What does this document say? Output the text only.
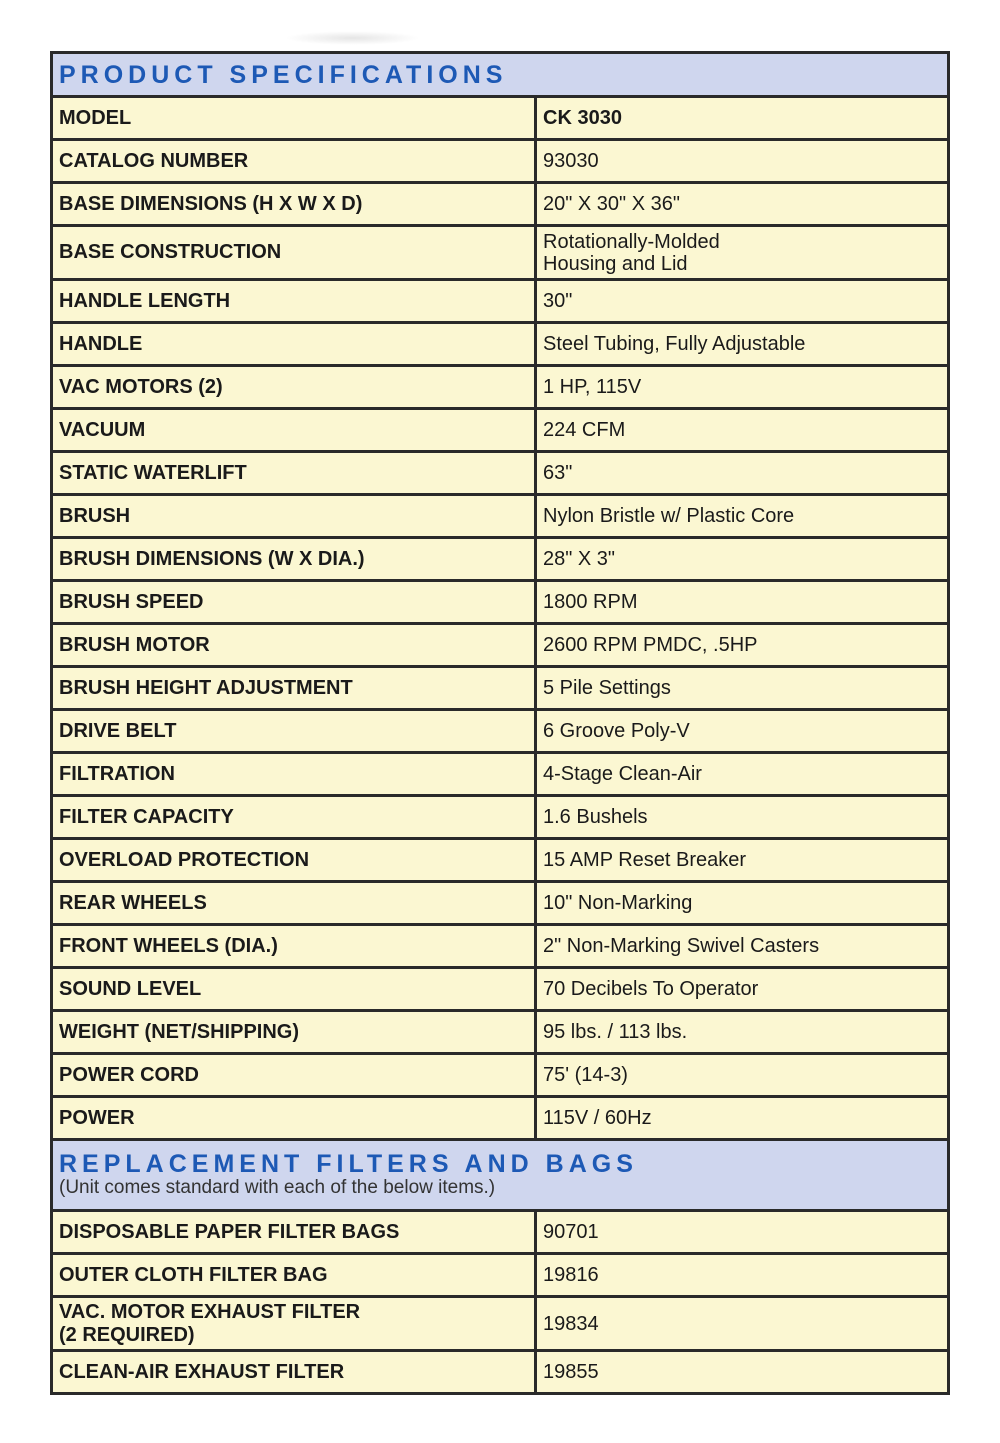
PRODUCT SPECIFICATIONS	

MODEL	CK 3030
CATALOG NUMBER	93030
BASE DIMENSIONS (H X W X D)	20" X 30" X 36"
BASE CONSTRUCTION	Rotationally-Molded
Housing and Lid

HANDLE LENGTH	30"
HANDLE	Steel Tubing, Fully Adjustable
VAC MOTORS (2)	1 HP, 115V
VACUUM	224 CFM
STATIC WATERLIFT	63"
BRUSH	Nylon Bristle w/ Plastic Core
BRUSH DIMENSIONS (W X DIA.)	28" X 3"
BRUSH SPEED	1800 RPM
BRUSH MOTOR	2600 RPM PMDC, .5HP
BRUSH HEIGHT ADJUSTMENT	5 Pile Settings
DRIVE BELT	6 Groove Poly-V
FILTRATION	4-Stage Clean-Air
FILTER CAPACITY	1.6 Bushels
OVERLOAD PROTECTION	15 AMP Reset Breaker
REAR WHEELS	10" Non-Marking
FRONT WHEELS (DIA.)	2" Non-Marking Swivel Casters
SOUND LEVEL	70 Decibels To Operator
WEIGHT (NET/SHIPPING)	95 lbs. / 113 lbs.
POWER CORD	75' (14-3)
POWER	115V / 60Hz

REPLACEMENT FILTERS AND BAGS
(Unit comes standard with each of the below items.)	

DISPOSABLE PAPER FILTER BAGS	90701
OUTER CLOTH FILTER BAG	19816

VAC. MOTOR EXHAUST FILTER
(2 REQUIRED)	19834
CLEAN-AIR EXHAUST FILTER	19855
